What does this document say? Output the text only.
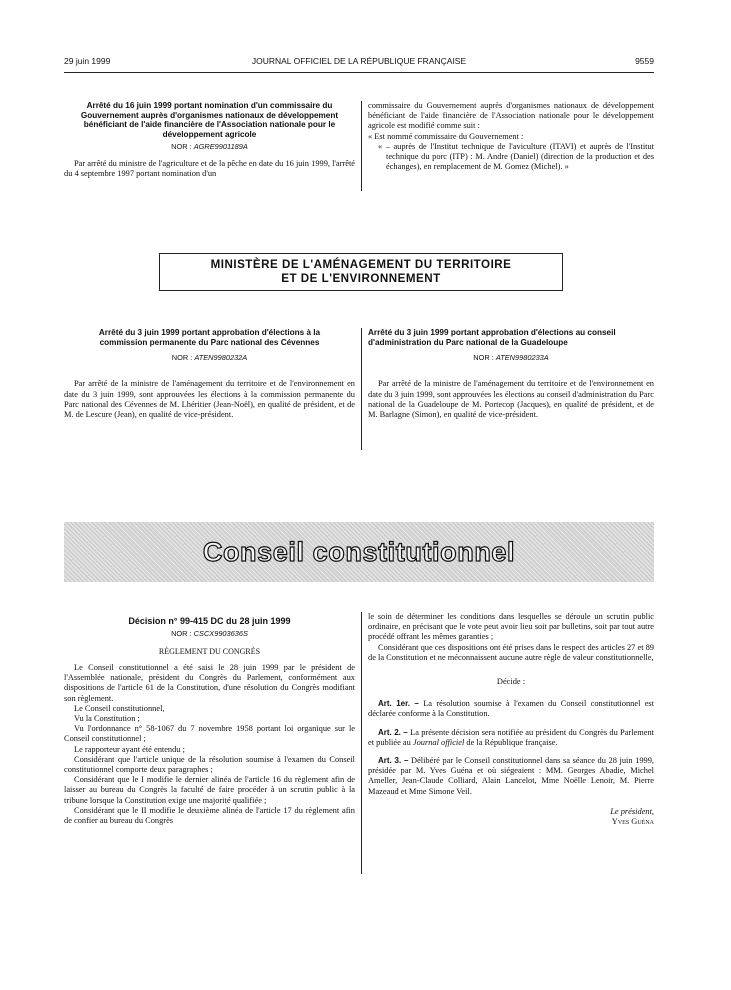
29 juin 1999	JOURNAL OFFICIEL DE LA RÉPUBLIQUE FRANÇAISE	9559
Arrêté du 16 juin 1999 portant nomination d'un commissaire du Gouvernement auprès d'organismes nationaux de développement bénéficiant de l'aide financière de l'Association nationale pour le développement agricole
NOR : AGRE9901189A

Par arrêté du ministre de l'agriculture et de la pêche en date du 16 juin 1999, l'arrêté du 4 septembre 1997 portant nomination d'un

commissaire du Gouvernement auprès d'organismes nationaux de développement bénéficiant de l'aide financière de l'Association nationale pour le développement agricole est modifié comme suit :

« Est nommé commissaire du Gouvernement :

« – auprès de l'Institut technique de l'aviculture (ITAVI) et auprès de l'Institut technique du porc (ITP) : M. Andre (Daniel) (direction de la production et des échanges), en remplacement de M. Gomez (Michel). »

MINISTÈRE DE L'AMÉNAGEMENT DU TERRITOIRE
ET DE L'ENVIRONNEMENT
Arrêté du 3 juin 1999 portant approbation d'élections à la commission permanente du Parc national des Cévennes
NOR : ATEN9980232A

Par arrêté de la ministre de l'aménagement du territoire et de l'environnement en date du 3 juin 1999, sont approuvées les élections à la commission permanente du Parc national des Cévennes de M. Lhéritier (Jean-Noël), en qualité de président, et de M. de Lescure (Jean), en qualité de vice-président.

Arrêté du 3 juin 1999 portant approbation d'élections au conseil d'administration du Parc national de la Guadeloupe
NOR : ATEN9980233A

Par arrêté de la ministre de l'aménagement du territoire et de l'environnement en date du 3 juin 1999, sont approuvées les élections au conseil d'administration du Parc national de la Guadeloupe de M. Portecop (Jacques), en qualité de président, et de M. Barlagne (Simon), en qualité de vice-président.

Conseil constitutionnel
Décision n° 99-415 DC du 28 juin 1999
NOR : CSCX9903636S
RÈGLEMENT DU CONGRÈS

Le Conseil constitutionnel a été saisi le 28 juin 1999 par le président de l'Assemblée nationale, président du Congrès du Parlement, conformément aux dispositions de l'article 61 de la Constitution, d'une résolution du Congrès modifiant son règlement.

Le Conseil constitutionnel,

Vu la Constitution ;

Vu l'ordonnance n° 58-1067 du 7 novembre 1958 portant loi organique sur le Conseil constitutionnel ;

Le rapporteur ayant été entendu ;

Considérant que l'article unique de la résolution soumise à l'examen du Conseil constitutionnel comporte deux paragraphes ;

Considérant que le I modifie le dernier alinéa de l'article 16 du règlement afin de laisser au bureau du Congrès la faculté de faire procéder à un scrutin public à la tribune lorsque la Constitution exige une majorité qualifiée ;

Considérant que le II modifie le deuxième alinéa de l'article 17 du règlement afin de confier au bureau du Congrès

le soin de déterminer les conditions dans lesquelles se déroule un scrutin public ordinaire, en précisant que le vote peut avoir lieu soit par bulletins, soit par tout autre procédé offrant les mêmes garanties ;

Considérant que ces dispositions ont été prises dans le respect des articles 27 et 89 de la Constitution et ne méconnaissent aucune autre règle de valeur constitutionnelle,

Décide :

Art. 1er. – La résolution soumise à l'examen du Conseil constitutionnel est déclarée conforme à la Constitution.

Art. 2. – La présente décision sera notifiée au président du Congrès du Parlement et publiée au Journal officiel de la République française.

Art. 3. – Délibéré par le Conseil constitutionnel dans sa séance du 28 juin 1999, présidée par M. Yves Guéna et où siégeaient : MM. Georges Abadie, Michel Ameller, Jean-Claude Colliard, Alain Lancelot, Mme Noëlle Lenoir, M. Pierre Mazeaud et Mme Simone Veil.

Le président,

Yves Guéna
